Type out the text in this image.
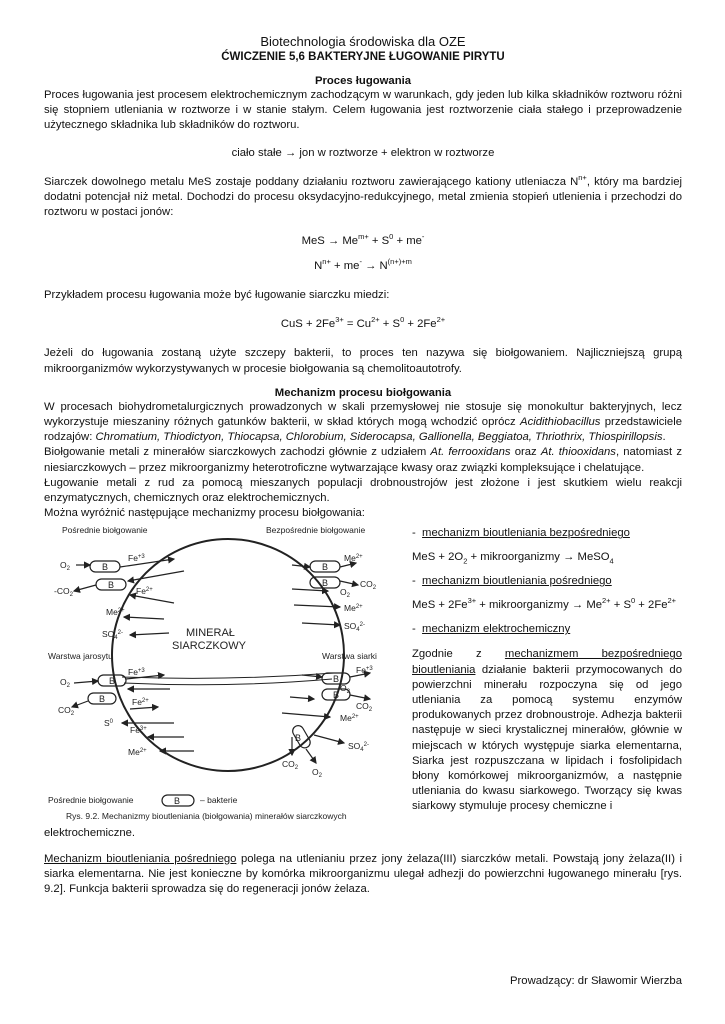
Biotechnologia środowiska dla OZE
ĆWICZENIE 5,6 BAKTERYJNE ŁUGOWANIE PIRYTU
Proces ługowania

Proces ługowania jest procesem elektrochemicznym zachodzącym w warunkach, gdy jeden lub kilka składników roztworu różni się stopniem utleniania w roztworze i w stanie stałym. Celem ługowania jest roztworzenie ciała stałego i przeprowadzenie użytecznego składnika lub składników do roztworu.

ciało stałe → jon w roztworze + elektron w roztworze

Siarczek dowolnego metalu MeS zostaje poddany działaniu roztworu zawierającego kationy utleniacza $N^{n+}$, który ma bardziej dodatni potencjał niż metal. Dochodzi do procesu oksydacyjno-redukcyjnego, metal zmienia stopień utlenienia i przechodzi do roztworu w postaci jonów:

MeS → $Me^{m+} + S^0 + me^-$
$N^{n+} + me^- \to N^{(n+)+m}$

Przykładem procesu ługowania może być ługowanie siarczku miedzi:

CuS + $2Fe^{3+} = Cu^{2+} + S^0 + 2Fe^{2+}$

Jeżeli do ługowania zostaną użyte szczepy bakterii, to proces ten nazywa się biołgowaniem. Najliczniejszą grupą mikroorganizmów wykorzystywanych w procesie biołgowania są chemolitoautotrofy.

Mechanizm procesu biołgowania

W procesach biohydrometalurgicznych prowadzonych w skali przemysłowej nie stosuje się monokultur bakteryjnych, lecz wykorzystuje mieszaniny różnych gatunków bakterii, w skład których mogą wchodzić oprócz Acidithiobacillus przedstawiciele rodzajów: Chromatium, Thiodictyon, Thiocapsa, Chlorobium, Siderocapsa, Gallionella, Beggiatoa, Thriothrix, Thiospirillopsis.

Biołgowanie metali z minerałów siarczkowych zachodzi głównie z udziałem At. ferrooxidans oraz At. thiooxidans, natomiast z niesiarczkowych – przez mikroorganizmy heterotroficzne wytwarzające kwasy oraz związki kompleksujące i chelatujące.

Ługowanie metali z rud za pomocą mieszanych populacji drobnoustrojów jest złożone i jest skutkiem wielu reakcji enzymatycznych, chemicznych oraz elektrochemicznych.

Można wyróżnić następujące mechanizmy procesu biołgowania:

Pośrednie biołgowanie	Bezpośrednie biołgowanie
MINERAŁ
SIARCZKOWY
Warstwa jarosytu	Warstwa siarki
Pośrednie biołgowanie	B – bakterie
B
B
B
B
B
B
B
B
B
$O_2$
$Fe^{+3}$
$-CO_2$	$Fe^{2+}$
$Me^{2+}$
$SO_4^{2-}$
$Me^{2+}$
$CO_2$
$O_2$
$Me^{2+}$
$SO_4^{2-}$
$O_2$
$Fe^{+3}$
$CO_2$
$Fe^{2+}$
$S^0$
$Fe^{3+}$
$Me^{2+}$
$Fe^{+3}$
$CO_2$
$O_2$
$Me^{2+}$
$SO_4^{2-}$
$CO_2$ $O_2$
Rys. 9.2. Mechanizmy bioutleniania (biołgowania) minerałów siarczkowych
- mechanizm bioutleniania bezpośredniego
MeS + $2O_2$ + mikroorganizmy → MeSO$_4$
- mechanizm bioutleniania pośredniego
MeS + $2Fe^{3+}$ + mikroorganizmy → $Me^{2+} + S^0 + 2Fe^{2+}$
- mechanizm elektrochemiczny

Zgodnie z mechanizmem bezpośredniego bioutleniania działanie bakterii przymocowanych do powierzchni minerału rozpoczyna się od jego utleniania za pomocą systemu enzymów produkowanych przez drobnoustroje. Adhezja bakterii następuje w sieci krystalicznej minerałów, głównie w miejscach w których występuje siarka elementarna, Siarka jest rozpuszczana w lipidach i fosfolipidach błony komórkowej mikroorganizmów, a następnie utleniania do kwasu siarkowego. Tworzący się kwas siarkowy stymuluje procesy chemiczne i

elektrochemiczne.

Mechanizm bioutleniania pośredniego polega na utlenianiu przez jony żelaza(III) siarczków metali. Powstają jony żelaza(II) i siarka elementarna. Nie jest konieczne by komórka mikroorganizmu ulegał adhezji do powierzchni ługowanego minerału [rys. 9.2]. Funkcja bakterii sprowadza się do regeneracji jonów żelaza.

Prowadzący: dr Sławomir Wierzba
